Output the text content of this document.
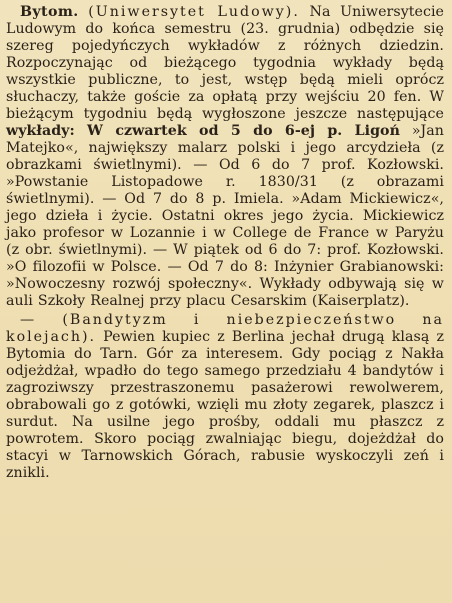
Bytom. (Uniwersytet Ludowy). Na Uniwersytecie Ludowym do końca semestru (23. grudnia) odbędzie się szereg pojedyńczych wykładów z różnych dziedzin. Rozpoczynając od bieżącego tygodnia wykłady będą wszystkie publiczne, to jest, wstęp będą mieli oprócz słuchaczy, także goście za opłatą przy wejściu 20 fen. W bieżącym tygodniu będą wygłoszone jeszcze następujące wykłady: W czwartek od 5 do 6-ej p. Ligoń »Jan Matejko«, największy malarz polski i jego arcydzieła (z obrazkami świetlnymi). — Od 6 do 7 prof. Kozłowski. »Powstanie Listopadowe r. 1830/31 (z obrazami świetlnymi). — Od 7 do 8 p. Imiela. »Adam Mickiewicz«, jego dzieła i życie. Ostatni okres jego życia. Mickiewicz jako profesor w Lozannie i w College de France w Paryżu (z obr. świetlnymi). — W piątek od 6 do 7: prof. Kozłowski. »O filozofii w Polsce. — Od 7 do 8: Inżynier Grabianowski: »Nowoczesny rozwój społeczny«. Wykłady odbywają się w auli Szkoły Realnej przy placu Cesarskim (Kaiserplatz).

— (Bandytyzm i niebezpieczeństwo na kolejach). Pewien kupiec z Berlina jechał drugą klasą z Bytomia do Tarn. Gór za interesem. Gdy pociąg z Nakła odjeżdżał, wpadło do tego samego przedziału 4 bandytów i zagroziwszy przestraszonemu pasażerowi rewolwerem, obrabowali go z gotówki, wzięli mu złoty zegarek, plaszcz i surdut. Na usilne jego prośby, oddali mu płaszcz z powrotem. Skoro pociąg zwalniając biegu, dojeżdżał do stacyi w Tarnowskich Górach, rabusie wyskoczyli zeń i znikli.
